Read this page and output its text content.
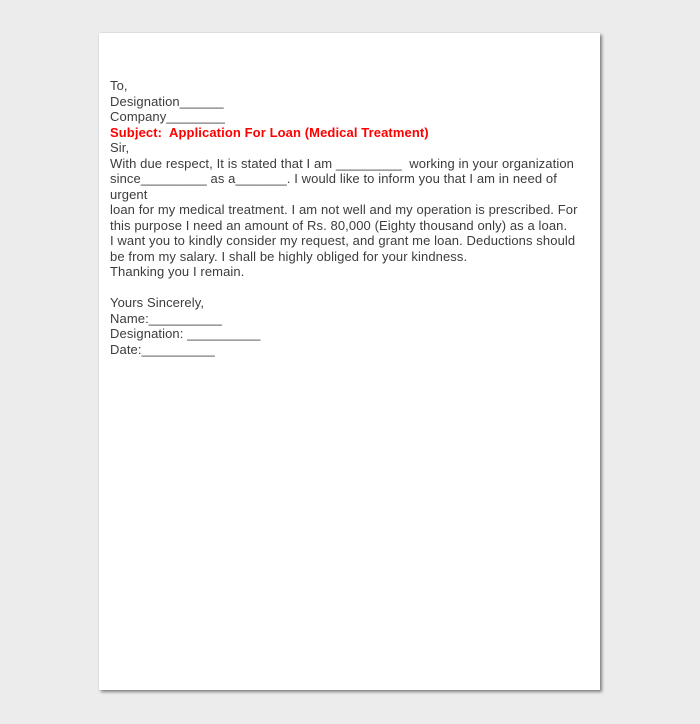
To,
Designation______
Company________
Subject:  Application For Loan (Medical Treatment)
Sir,
With due respect, It is stated that I am _________  working in your organization
since_________ as a_______. I would like to inform you that I am in need of urgent
loan for my medical treatment. I am not well and my operation is prescribed. For
this purpose I need an amount of Rs. 80,000 (Eighty thousand only) as a loan.
I want you to kindly consider my request, and grant me loan. Deductions should
be from my salary. I shall be highly obliged for your kindness.
Thanking you I remain.
Yours Sincerely,
Name:__________
Designation: __________
Date:__________
